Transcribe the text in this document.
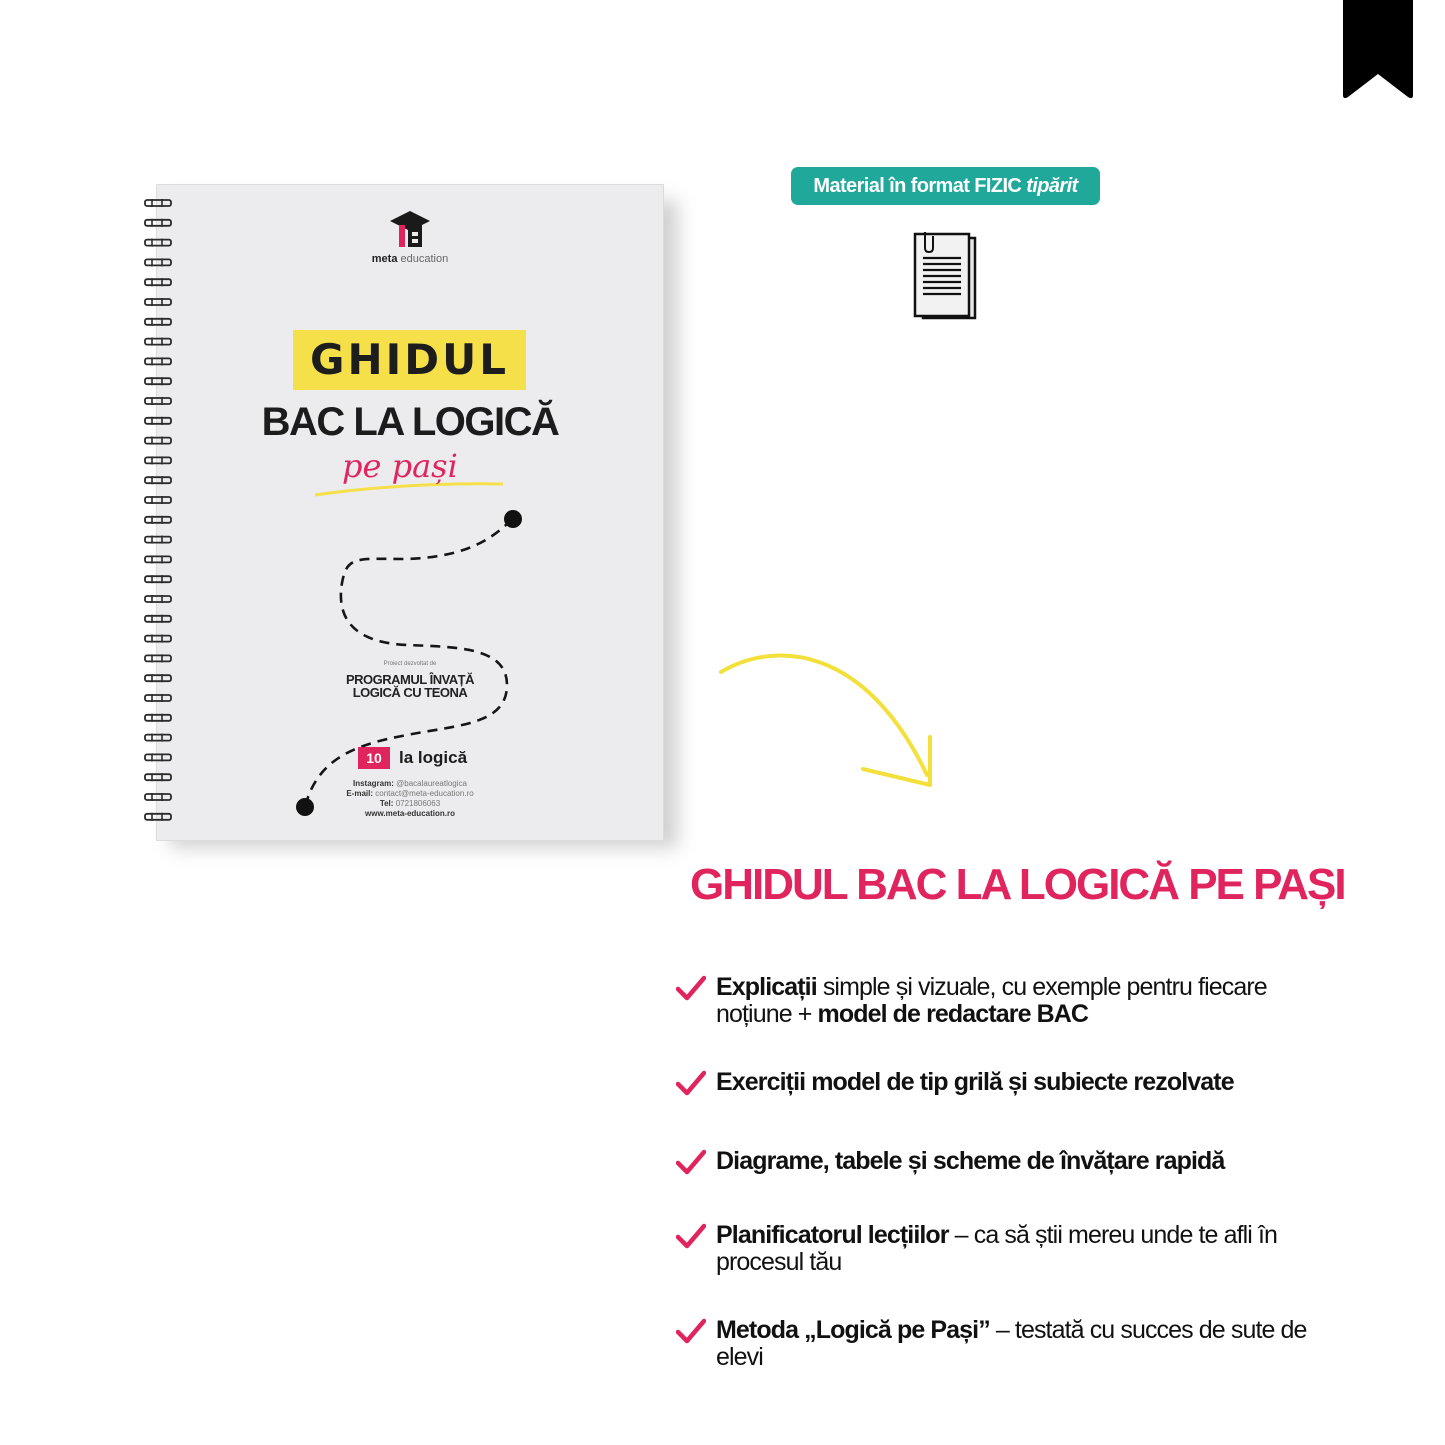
meta education
GHIDUL
BAC LA LOGICĂ
pe pași
Proiect dezvoltat de
PROGRAMUL ÎNVAȚĂ
LOGICĂ CU TEONA
10	la logică
Instagram: @bacalaureatlogica
E-mail: contact@meta-education.ro
Tel: 0721806063
www.meta-education.ro
Material în format FIZIC tipărit
GHIDUL BAC LA LOGICĂ PE PAȘI
Explicații simple și vizuale, cu exemple pentru fiecare noțiune + model de redactare BAC
Exerciții model de tip grilă și subiecte rezolvate
Diagrame, tabele și scheme de învățare rapidă
Planificatorul lecțiilor – ca să știi mereu unde te afli în procesul tău
Metoda „Logică pe Pași” – testată cu succes de sute de elevi
